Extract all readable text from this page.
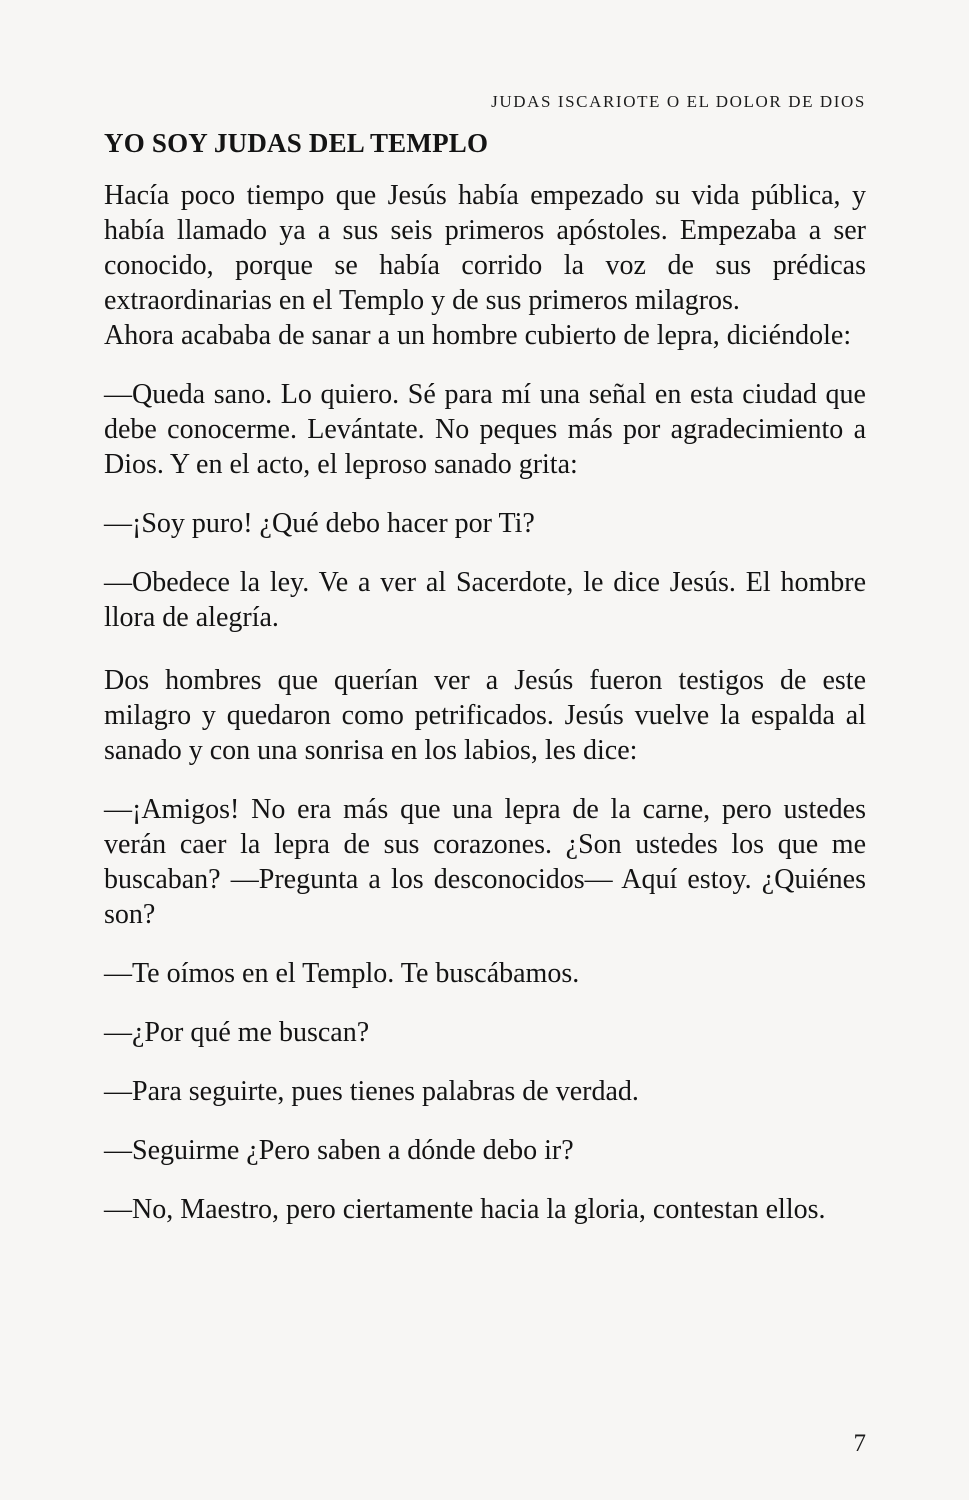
JUDAS ISCARIOTE O EL DOLOR DE DIOS
YO SOY JUDAS DEL TEMPLO

Hacía poco tiempo que Jesús había empezado su vida pública, y había llamado ya a sus seis primeros apóstoles. Empezaba a ser conocido, porque se había corrido la voz de sus prédicas extraordinarias en el Templo y de sus primeros milagros.

Ahora acababa de sanar a un hombre cubierto de lepra, diciéndole:

—Queda sano. Lo quiero. Sé para mí una señal en esta ciudad que debe conocerme. Levántate. No peques más por agradecimiento a Dios. Y en el acto, el leproso sanado grita:

—¡Soy puro! ¿Qué debo hacer por Ti?

—Obedece la ley. Ve a ver al Sacerdote, le dice Jesús. El hombre llora de alegría.

Dos hombres que querían ver a Jesús fueron testigos de este milagro y quedaron como petrificados. Jesús vuelve la espalda al sanado y con una sonrisa en los labios, les dice:

—¡Amigos! No era más que una lepra de la carne, pero ustedes verán caer la lepra de sus corazones. ¿Son ustedes los que me buscaban? —Pregunta a los desconocidos— Aquí estoy. ¿Quiénes son?

—Te oímos en el Templo. Te buscábamos.

—¿Por qué me buscan?

—Para seguirte, pues tienes palabras de verdad.

—Seguirme ¿Pero saben a dónde debo ir?

—No, Maestro, pero ciertamente hacia la gloria, contestan ellos.

7
